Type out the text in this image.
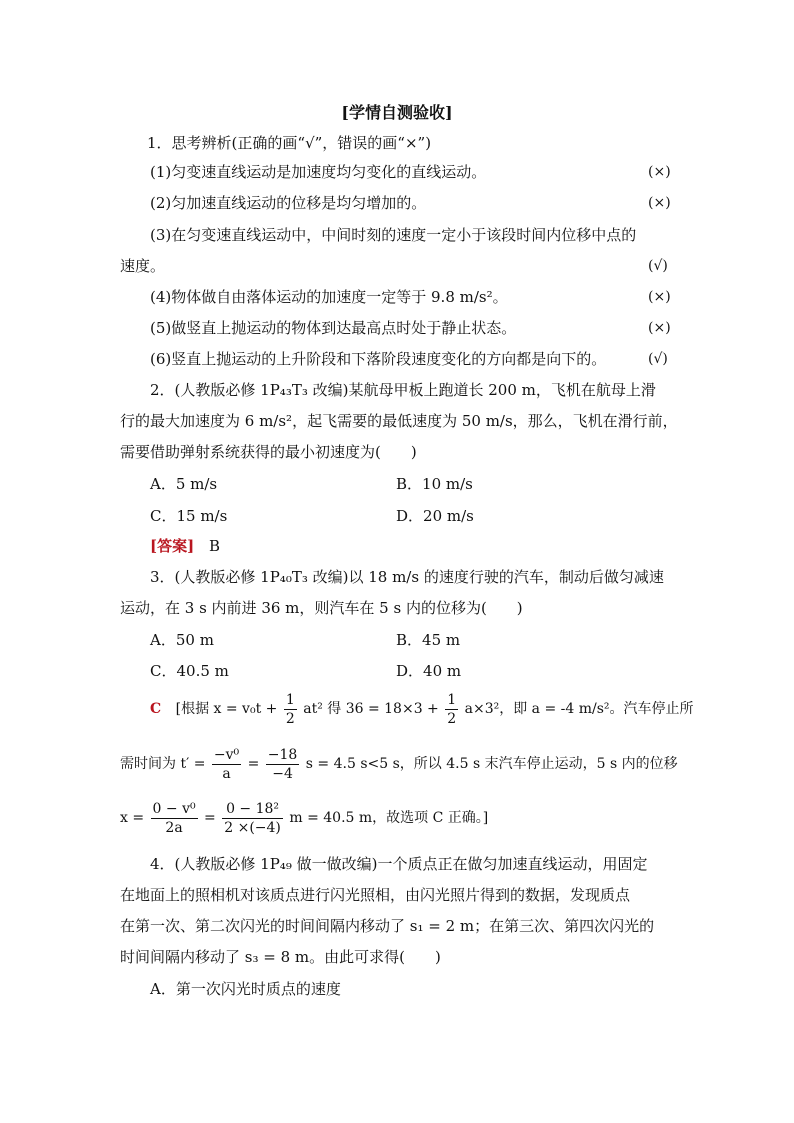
[学情自测验收]
1．思考辨析(正确的画“√”，错误的画“×”)
(1)匀变速直线运动是加速度均匀变化的直线运动。	(×)
(2)匀加速直线运动的位移是均匀增加的。	(×)
(3)在匀变速直线运动中，中间时刻的速度一定小于该段时间内位移中点的
速度。	(√)
(4)物体做自由落体运动的加速度一定等于 9.8 m/s²。	(×)
(5)做竖直上抛运动的物体到达最高点时处于静止状态。	(×)
(6)竖直上抛运动的上升阶段和下落阶段速度变化的方向都是向下的。	(√)
2．(人教版必修 1P₄₃T₃ 改编)某航母甲板上跑道长 200 m，飞机在航母上滑
行的最大加速度为 6 m/s²，起飞需要的最低速度为 50 m/s，那么，飞机在滑行前，
需要借助弹射系统获得的最小初速度为(　　)
A．5 m/s	B．10 m/s
C．15 m/s	D．20 m/s
[答案] B
3．(人教版必修 1P₄₀T₃ 改编)以 18 m/s 的速度行驶的汽车，制动后做匀减速
运动，在 3 s 内前进 36 m，则汽车在 5 s 内的位移为(　　)
A．50 m	B．45 m
C．40.5 m	D．40 m
C [根据 $x = v_0t + \frac{1}{2} at^2$ 得 $36 = 18\times 3 + \frac{1}{2} a\times 3^2$，即 a = -4 m/s²。汽车停止所
需时间为 $t' = \frac{\text{−v⁰}}{a} = \frac{-18}{-4}$ s = 4.5 s<5 s，所以 4.5 s 末汽车停止运动，5 s 内的位移
$x = \frac{\text{0 − v⁰}}{2a} = \frac{\text{0 − 18²}}{2 \times(-4)}$ m = 40.5 m，故选项 C 正确。]
4．(人教版必修 1P₄₉ 做一做改编)一个质点正在做匀加速直线运动，用固定
在地面上的照相机对该质点进行闪光照相，由闪光照片得到的数据，发现质点
在第一次、第二次闪光的时间间隔内移动了 s₁ = 2 m；在第三次、第四次闪光的
时间间隔内移动了 s₃ = 8 m。由此可求得(　　)
A．第一次闪光时质点的速度
